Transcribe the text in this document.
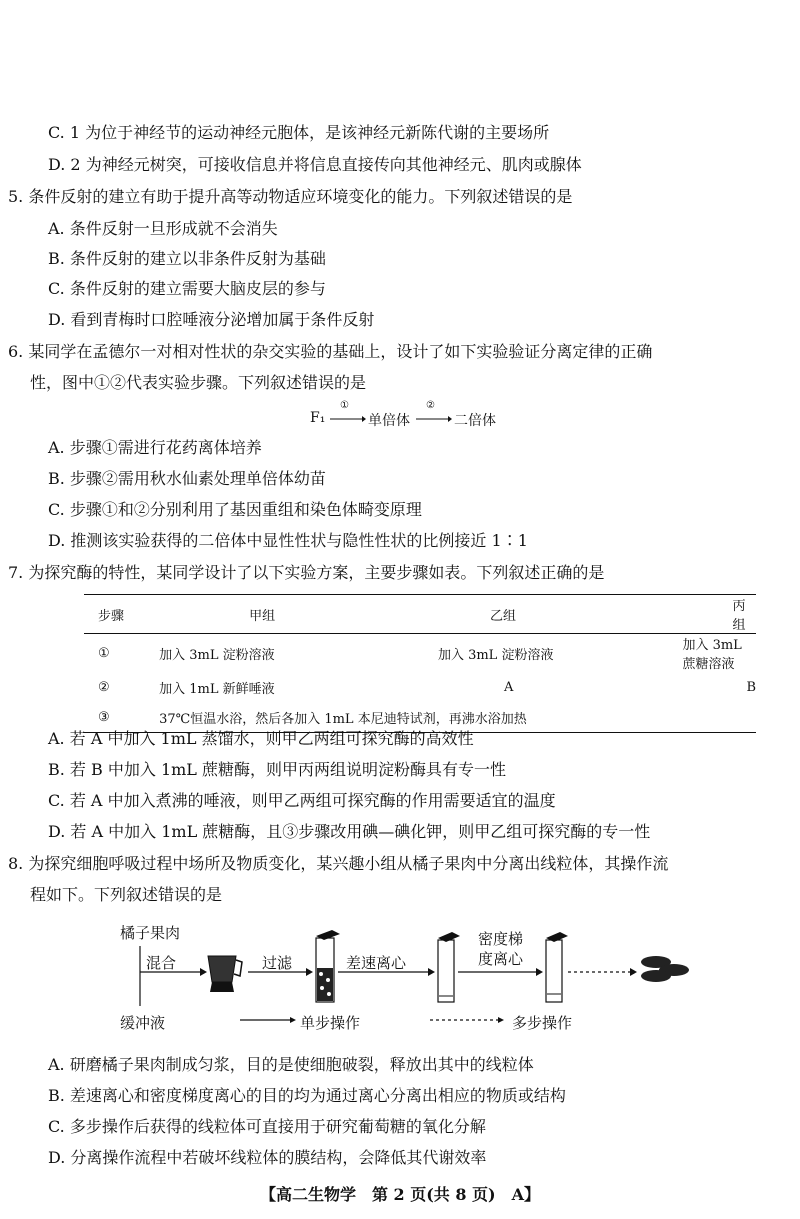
C. 1 为位于神经节的运动神经元胞体，是该神经元新陈代谢的主要场所
D. 2 为神经元树突，可接收信息并将信息直接传向其他神经元、肌肉或腺体
5. 条件反射的建立有助于提升高等动物适应环境变化的能力。下列叙述错误的是
A. 条件反射一旦形成就不会消失
B. 条件反射的建立以非条件反射为基础
C. 条件反射的建立需要大脑皮层的参与
D. 看到青梅时口腔唾液分泌增加属于条件反射
6. 某同学在孟德尔一对相对性状的杂交实验的基础上，设计了如下实验验证分离定律的正确
性，图中①②代表实验步骤。下列叙述错误的是
F₁
①
单倍体
②
二倍体
A. 步骤①需进行花药离体培养
B. 步骤②需用秋水仙素处理单倍体幼苗
C. 步骤①和②分别利用了基因重组和染色体畸变原理
D. 推测该实验获得的二倍体中显性性状与隐性性状的比例接近 1∶1
7. 为探究酶的特性，某同学设计了以下实验方案，主要步骤如表。下列叙述正确的是
步骤	甲组	乙组	丙组
①	加入 3mL 淀粉溶液	加入 3mL 淀粉溶液	加入 3mL 蔗糖溶液
②	加入 1mL 新鲜唾液	A	B
③	37℃恒温水浴，然后各加入 1mL 本尼迪特试剂，再沸水浴加热		
A. 若 A 中加入 1mL 蒸馏水，则甲乙两组可探究酶的高效性
B. 若 B 中加入 1mL 蔗糖酶，则甲丙两组说明淀粉酶具有专一性
C. 若 A 中加入煮沸的唾液，则甲乙两组可探究酶的作用需要适宜的温度
D. 若 A 中加入 1mL 蔗糖酶，且③步骤改用碘—碘化钾，则甲乙组可探究酶的专一性
8. 为探究细胞呼吸过程中场所及物质变化，某兴趣小组从橘子果肉中分离出线粒体，其操作流
程如下。下列叙述错误的是
橘子果肉
混合
缓冲液
过滤	差速离心
密度梯
度离心
单步操作	多步操作
A. 研磨橘子果肉制成匀浆，目的是使细胞破裂，释放出其中的线粒体
B. 差速离心和密度梯度离心的目的均为通过离心分离出相应的物质或结构
C. 多步操作后获得的线粒体可直接用于研究葡萄糖的氧化分解
D. 分离操作流程中若破坏线粒体的膜结构，会降低其代谢效率
【高二生物学　第 2 页(共 8 页)　A】
